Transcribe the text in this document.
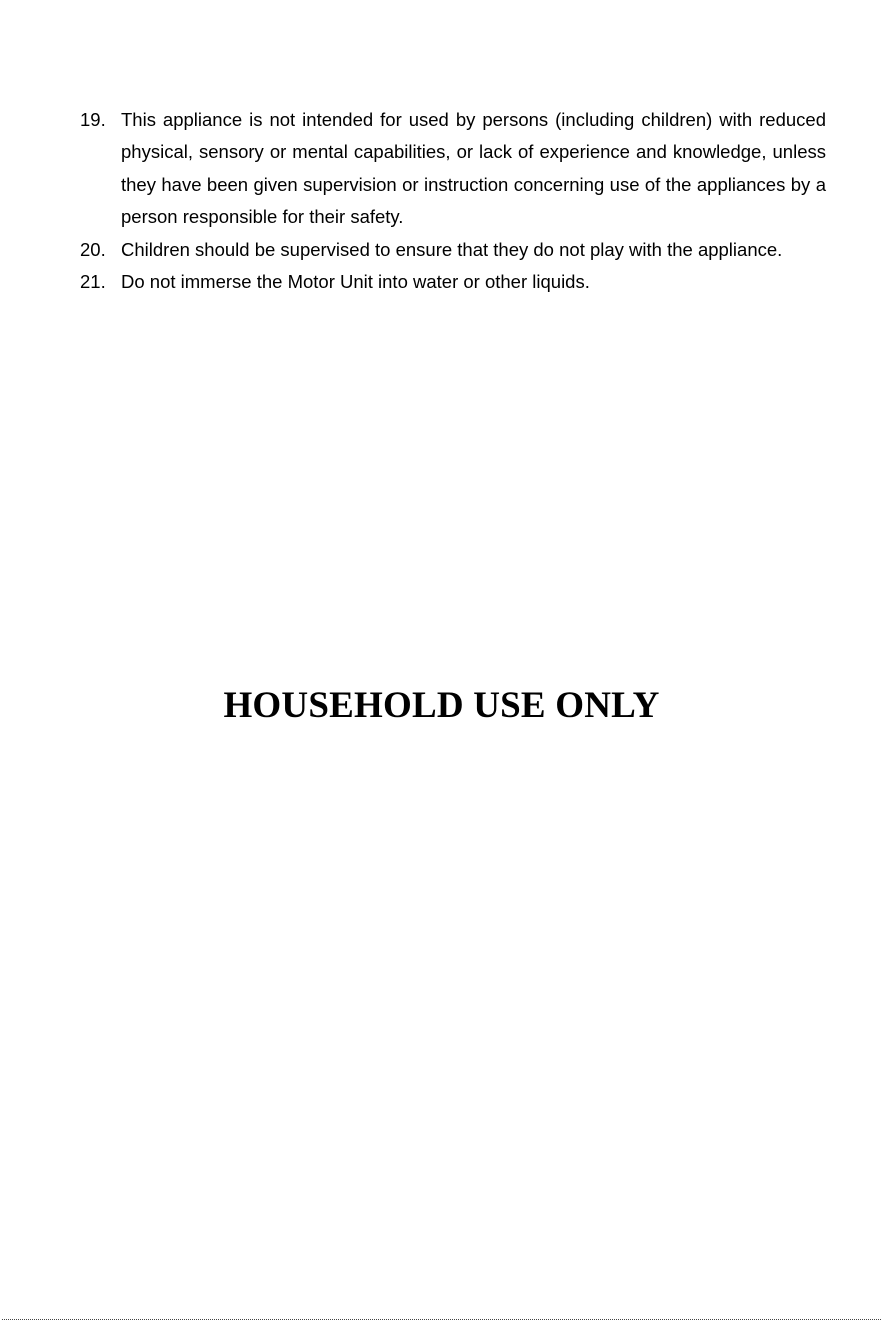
19. This appliance is not intended for used by persons (including children) with reduced physical, sensory or mental capabilities, or lack of experience and knowledge, unless they have been given supervision or instruction concerning use of the appliances by a person responsible for their safety.
20. Children should be supervised to ensure that they do not play with the appliance.
21. Do not immerse the Motor Unit into water or other liquids.
HOUSEHOLD USE ONLY
